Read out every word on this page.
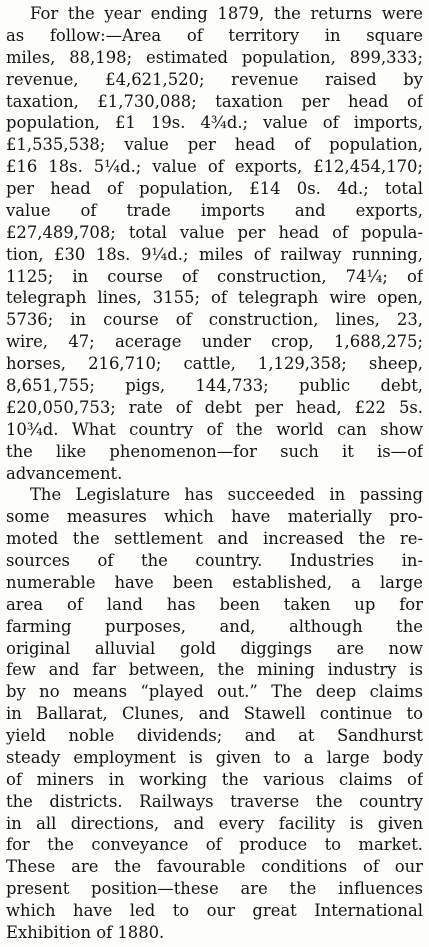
For the year ending 1879, the returns were
as follow:—Area of territory in square
miles, 88,198; estimated population, 899,333;
revenue, £4,621,520; revenue raised by
taxation, £1,730,088; taxation per head of
population, £1 19s. 4¾d.; value of imports,
£1,535,538; value per head of population,
£16 18s. 5¼d.; value of exports, £12,454,170;
per head of population, £14 0s. 4d.; total
value of trade imports and exports,
£27,489,708; total value per head of popula-
tion, £30 18s. 9¼d.; miles of railway running,
1125; in course of construction, 74¼; of
telegraph lines, 3155; of telegraph wire open,
5736; in course of construction, lines, 23,
wire, 47; acerage under crop, 1,688,275;
horses, 216,710; cattle, 1,129,358; sheep,
8,651,755; pigs, 144,733; public debt,
£20,050,753; rate of debt per head, £22 5s.
10¾d. What country of the world can show
the like phenomenon—for such it is—of
advancement.
The Legislature has succeeded in passing
some measures which have materially pro-
moted the settlement and increased the re-
sources of the country. Industries in-
numerable have been established, a large
area of land has been taken up for
farming purposes, and, although the
original alluvial gold diggings are now
few and far between, the mining industry is
by no means “played out.” The deep claims
in Ballarat, Clunes, and Stawell continue to
yield noble dividends; and at Sandhurst
steady employment is given to a large body
of miners in working the various claims of
the districts. Railways traverse the country
in all directions, and every facility is given
for the conveyance of produce to market.
These are the favourable conditions of our
present position—these are the influences
which have led to our great International
Exhibition of 1880.
